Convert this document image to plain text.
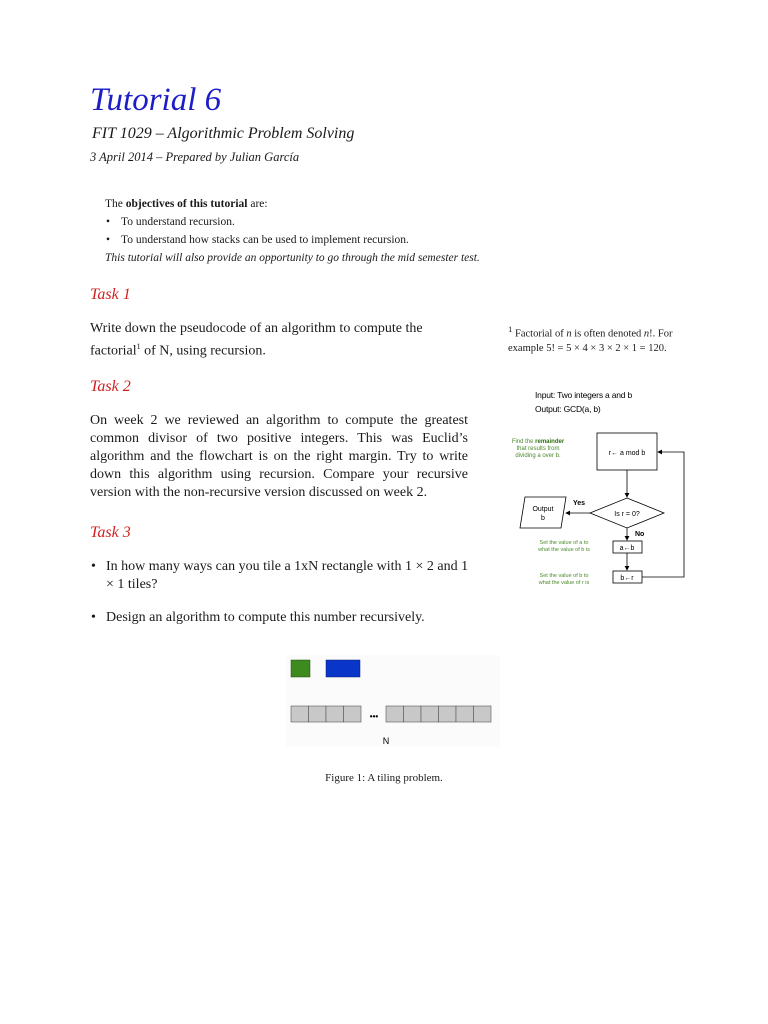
Tutorial 6
FIT 1029 – Algorithmic Problem Solving
3 April 2014 – Prepared by Julian García
The objectives of this tutorial are:
• To understand recursion.
• To understand how stacks can be used to implement recursion.
This tutorial will also provide an opportunity to go through the mid semester test.
Task 1
Write down the pseudocode of an algorithm to compute the factorial$^1$ of N, using recursion.
$^1$ Factorial of n is often denoted n!. For example 5! = 5 × 4 × 3 × 2 × 1 = 120.
Task 2
On week 2 we reviewed an algorithm to compute the greatest common divisor of two positive integers. This was Euclid’s algorithm and the flowchart is on the right margin. Try to write down this algorithm using recursion. Compare your recursive version with the non-recursive version discussed on week 2.
Task 3
• In how many ways can you tile a 1xN rectangle with 1 × 2 and 1 × 1 tiles?
• Design an algorithm to compute this number recursively.
Input: Two integers a and b
Output: GCD(a, b)
Find the remainder
that results from
dividing a over b.	r← a mod b
Is r = 0?
Yes
Output
b
No
a←b
Set the value of a to
what the value of b is
b←r
Set the value of b to
what the value of r is
•••
N
Figure 1: A tiling problem.
